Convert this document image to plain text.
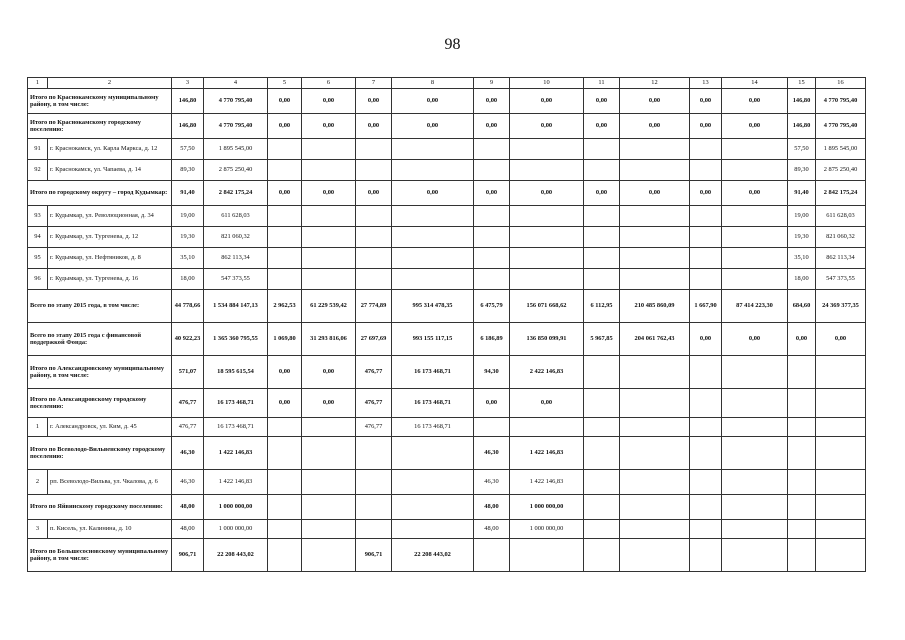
98
1	2	3	4	5	6	7	8	9	10	11	12	13	14	15	16
Итого по Краснокамскому муниципальному району, в том числе:		146,80	4 770 795,40	0,00	0,00	0,00	0,00	0,00	0,00	0,00	0,00	0,00	0,00	146,80	4 770 795,40
Итого по Краснокамскому городскому поселению:		146,80	4 770 795,40	0,00	0,00	0,00	0,00	0,00	0,00	0,00	0,00	0,00	0,00	146,80	4 770 795,40
91	г. Краснокамск, ул. Карла Маркса, д. 12	57,50	1 895 545,00											57,50	1 895 545,00
92	г. Краснокамск, ул. Чапаева, д. 14	89,30	2 875 250,40											89,30	2 875 250,40
Итого по городскому округу – город Кудымкар:		91,40	2 842 175,24	0,00	0,00	0,00	0,00	0,00	0,00	0,00	0,00	0,00	0,00	91,40	2 842 175,24
93	г. Кудымкар, ул. Революционная, д. 34	19,00	611 628,03											19,00	611 628,03
94	г. Кудымкар, ул. Тургенева, д. 12	19,30	821 060,32											19,30	821 060,32
95	г. Кудымкар, ул. Нефтяников, д. 8	35,10	862 113,34											35,10	862 113,34
96	г. Кудымкар, ул. Тургенева, д. 16	18,00	547 373,55											18,00	547 373,55
Всего по этапу 2015 года, в том числе:		44 778,66	1 534 884 147,13	2 962,53	61 229 539,42	27 774,89	995 314 478,35	6 475,79	156 071 668,62	6 112,95	210 485 860,09	1 667,90	87 414 223,30	684,60	24 369 377,35
Всего по этапу 2015 года с финансовой поддержкой Фонда:		40 922,23	1 365 360 795,55	1 069,80	31 293 816,06	27 697,69	993 155 117,15	6 186,89	136 850 099,91	5 967,85	204 061 762,43	0,00	0,00	0,00	0,00
Итого по Александровскому муниципальному району, в том числе:		571,07	18 595 615,54	0,00	0,00	476,77	16 173 468,71	94,30	2 422 146,83						
Итого по Александровскому городскому поселению:		476,77	16 173 468,71	0,00	0,00	476,77	16 173 468,71	0,00	0,00						
1	г. Александровск, ул. Ким, д. 45	476,77	16 173 468,71			476,77	16 173 468,71								
Итого по Всеволодо-Вильвенскому городскому поселению:		46,30	1 422 146,83					46,30	1 422 146,83						
2	рп. Всеволодо-Вильва, ул. Чкалова, д. 6	46,30	1 422 146,83					46,30	1 422 146,83						
Итого по Яйвинскому городскому поселению:		48,00	1 000 000,00					48,00	1 000 000,00						
3	п. Кисель, ул. Калинина, д. 10	48,00	1 000 000,00					48,00	1 000 000,00						
Итого по Большесосновскому муниципальному району, в том числе:		906,71	22 208 443,02			906,71	22 208 443,02								
